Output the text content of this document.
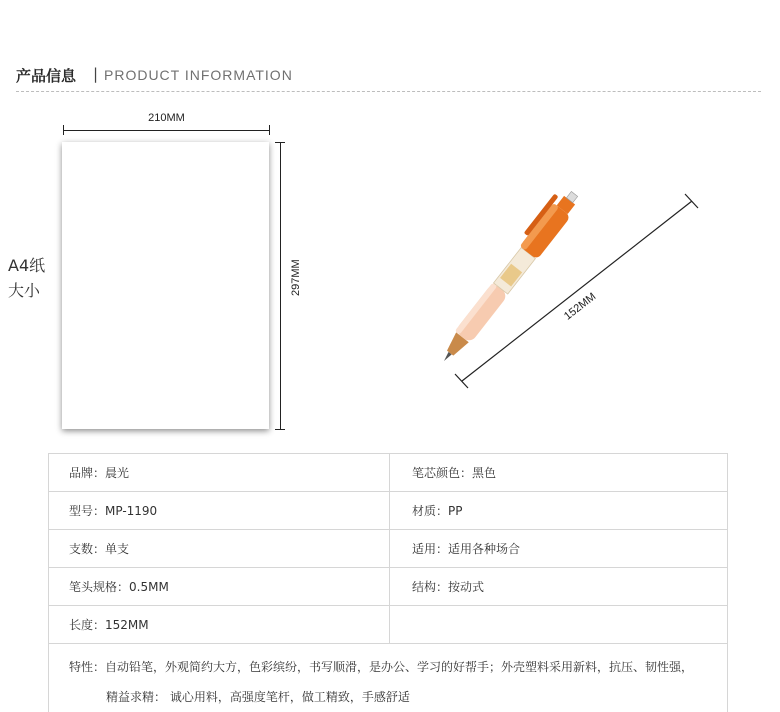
产品信息 | PRODUCT INFORMATION
210MM
297MM
A4纸
大小
152MM
品牌：晨光	笔芯颜色：黑色
型号：MP-1190	材质：PP
支数：单支	适用：适用各种场合
笔头规格：0.5MM	结构：按动式
长度：152MM	
特性：自动铅笔，外观简约大方，色彩缤纷，书写顺滑，是办公、学习的好帮手；外壳塑料采用新料，抗压、韧性强，
精益求精： 诚心用料，高强度笔杆，做工精致，手感舒适	
